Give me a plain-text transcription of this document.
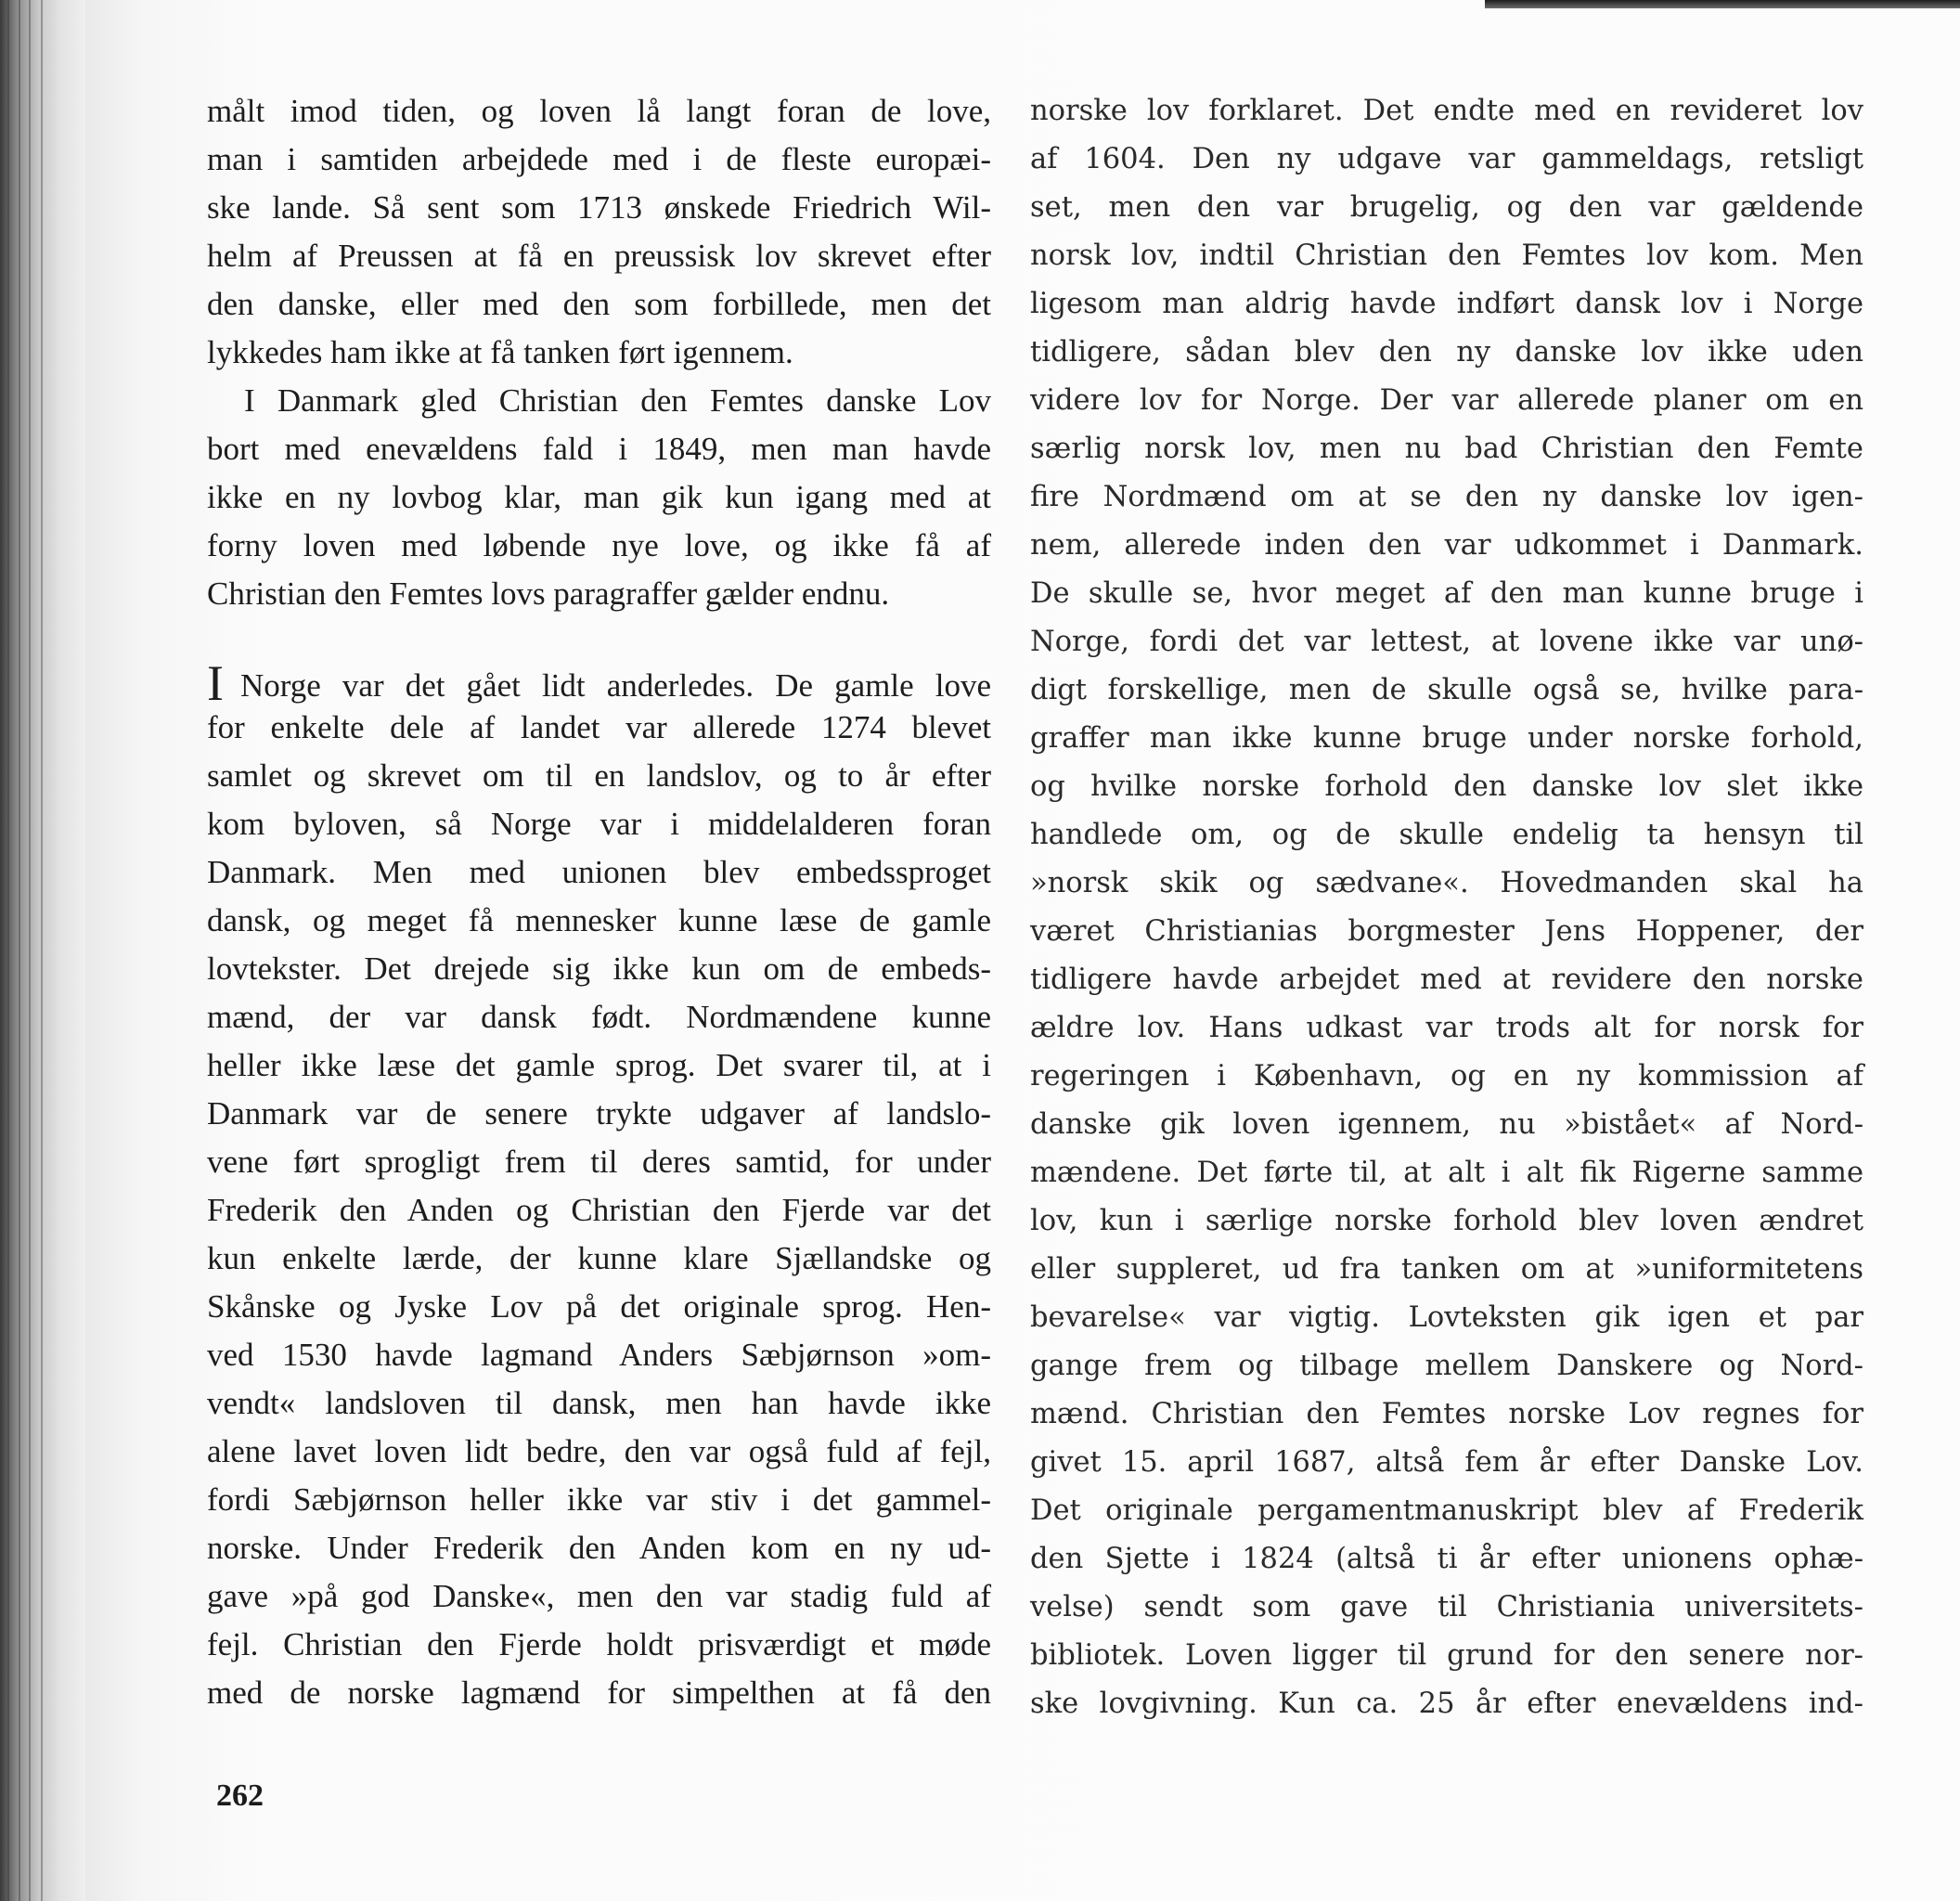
målt imod tiden, og loven lå langt foran de love,
man i samtiden arbejdede med i de fleste europæi-
ske lande. Så sent som 1713 ønskede Friedrich Wil-
helm af Preussen at få en preussisk lov skrevet efter
den danske, eller med den som forbillede, men det
lykkedes ham ikke at få tanken ført igennem.
I Danmark gled Christian den Femtes danske Lov
bort med enevældens fald i 1849, men man havde
ikke en ny lovbog klar, man gik kun igang med at
forny loven med løbende nye love, og ikke få af
Christian den Femtes lovs paragraffer gælder endnu.
I Norge var det gået lidt anderledes. De gamle love
for enkelte dele af landet var allerede 1274 blevet
samlet og skrevet om til en landslov, og to år efter
kom byloven, så Norge var i middelalderen foran
Danmark. Men med unionen blev embedssproget
dansk, og meget få mennesker kunne læse de gamle
lovtekster. Det drejede sig ikke kun om de embeds-
mænd, der var dansk født. Nordmændene kunne
heller ikke læse det gamle sprog. Det svarer til, at i
Danmark var de senere trykte udgaver af landslo-
vene ført sprogligt frem til deres samtid, for under
Frederik den Anden og Christian den Fjerde var det
kun enkelte lærde, der kunne klare Sjællandske og
Skånske og Jyske Lov på det originale sprog. Hen-
ved 1530 havde lagmand Anders Sæbjørnson »om-
vendt« landsloven til dansk, men han havde ikke
alene lavet loven lidt bedre, den var også fuld af fejl,
fordi Sæbjørnson heller ikke var stiv i det gammel-
norske. Under Frederik den Anden kom en ny ud-
gave »på god Danske«, men den var stadig fuld af
fejl. Christian den Fjerde holdt prisværdigt et møde
med de norske lagmænd for simpelthen at få den
norske lov forklaret. Det endte med en revideret lov
af 1604. Den ny udgave var gammeldags, retsligt
set, men den var brugelig, og den var gældende
norsk lov, indtil Christian den Femtes lov kom. Men
ligesom man aldrig havde indført dansk lov i Norge
tidligere, sådan blev den ny danske lov ikke uden
videre lov for Norge. Der var allerede planer om en
særlig norsk lov, men nu bad Christian den Femte
fire Nordmænd om at se den ny danske lov igen-
nem, allerede inden den var udkommet i Danmark.
De skulle se, hvor meget af den man kunne bruge i
Norge, fordi det var lettest, at lovene ikke var unø-
digt forskellige, men de skulle også se, hvilke para-
graffer man ikke kunne bruge under norske forhold,
og hvilke norske forhold den danske lov slet ikke
handlede om, og de skulle endelig ta hensyn til
»norsk skik og sædvane«. Hovedmanden skal ha
været Christianias borgmester Jens Hoppener, der
tidligere havde arbejdet med at revidere den norske
ældre lov. Hans udkast var trods alt for norsk for
regeringen i København, og en ny kommission af
danske gik loven igennem, nu »bistået« af Nord-
mændene. Det førte til, at alt i alt fik Rigerne samme
lov, kun i særlige norske forhold blev loven ændret
eller suppleret, ud fra tanken om at »uniformitetens
bevarelse« var vigtig. Lovteksten gik igen et par
gange frem og tilbage mellem Danskere og Nord-
mænd. Christian den Femtes norske Lov regnes for
givet 15. april 1687, altså fem år efter Danske Lov.
Det originale pergamentmanuskript blev af Frederik
den Sjette i 1824 (altså ti år efter unionens ophæ-
velse) sendt som gave til Christiania universitets-
bibliotek. Loven ligger til grund for den senere nor-
ske lovgivning. Kun ca. 25 år efter enevældens ind-

262
